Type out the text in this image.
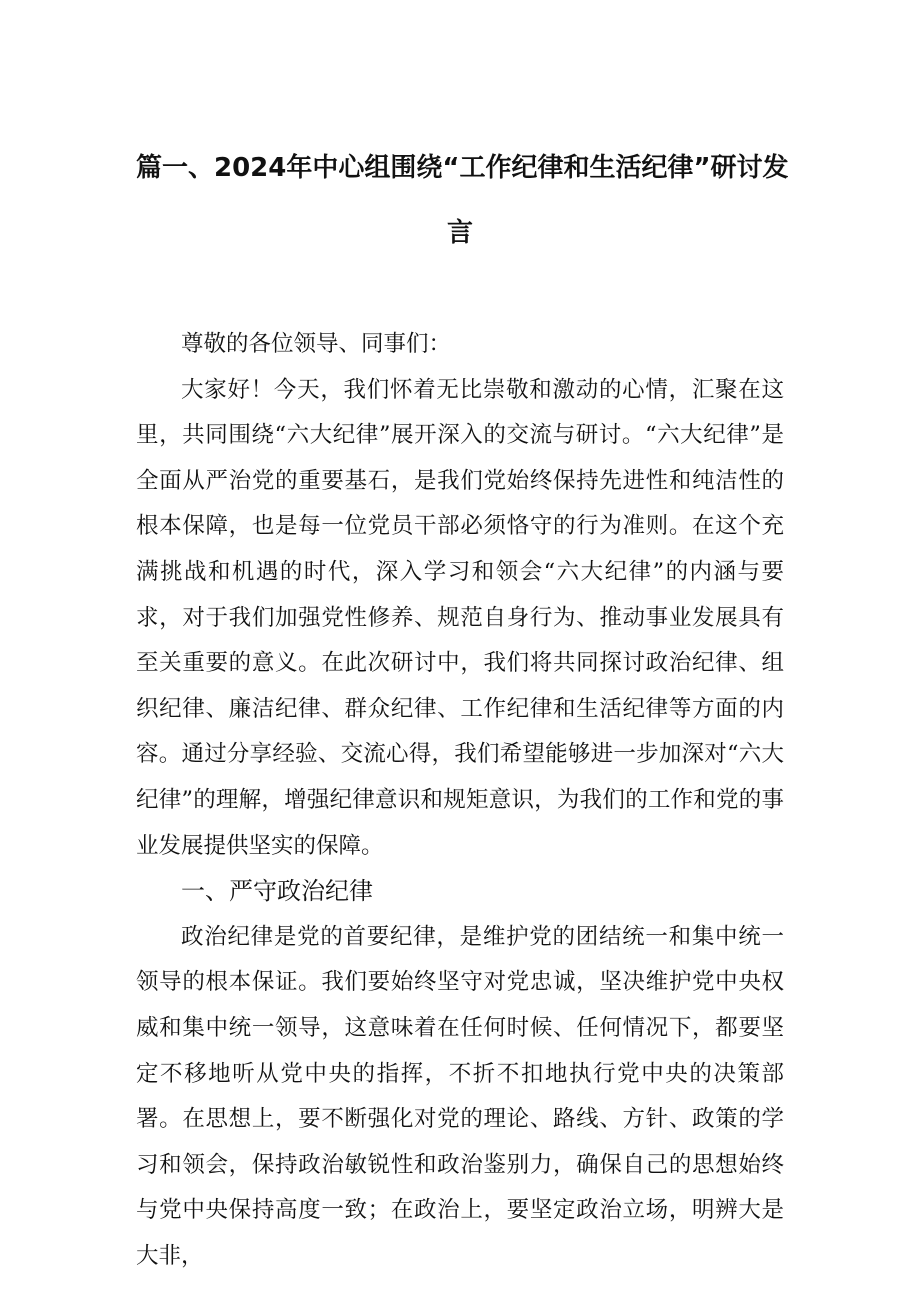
篇一、2024年中心组围绕“工作纪律和生活纪律”研讨发
言

尊敬的各位领导、同事们：

大家好！今天，我们怀着无比崇敬和激动的心情，汇聚在这里，共同围绕“六大纪律”展开深入的交流与研讨。“六大纪律”是全面从严治党的重要基石，是我们党始终保持先进性和纯洁性的根本保障，也是每一位党员干部必须恪守的行为准则。在这个充满挑战和机遇的时代，深入学习和领会“六大纪律”的内涵与要求，对于我们加强党性修养、规范自身行为、推动事业发展具有至关重要的意义。在此次研讨中，我们将共同探讨政治纪律、组织纪律、廉洁纪律、群众纪律、工作纪律和生活纪律等方面的内容。通过分享经验、交流心得，我们希望能够进一步加深对“六大纪律”的理解，增强纪律意识和规矩意识，为我们的工作和党的事业发展提供坚实的保障。

一、严守政治纪律

政治纪律是党的首要纪律，是维护党的团结统一和集中统一领导的根本保证。我们要始终坚守对党忠诚，坚决维护党中央权威和集中统一领导，这意味着在任何时候、任何情况下，都要坚定不移地听从党中央的指挥，不折不扣地执行党中央的决策部署。在思想上，要不断强化对党的理论、路线、方针、政策的学习和领会，保持政治敏锐性和政治鉴别力，确保自己的思想始终与党中央保持高度一致；在政治上，要坚定政治立场，明辨大是大非，
